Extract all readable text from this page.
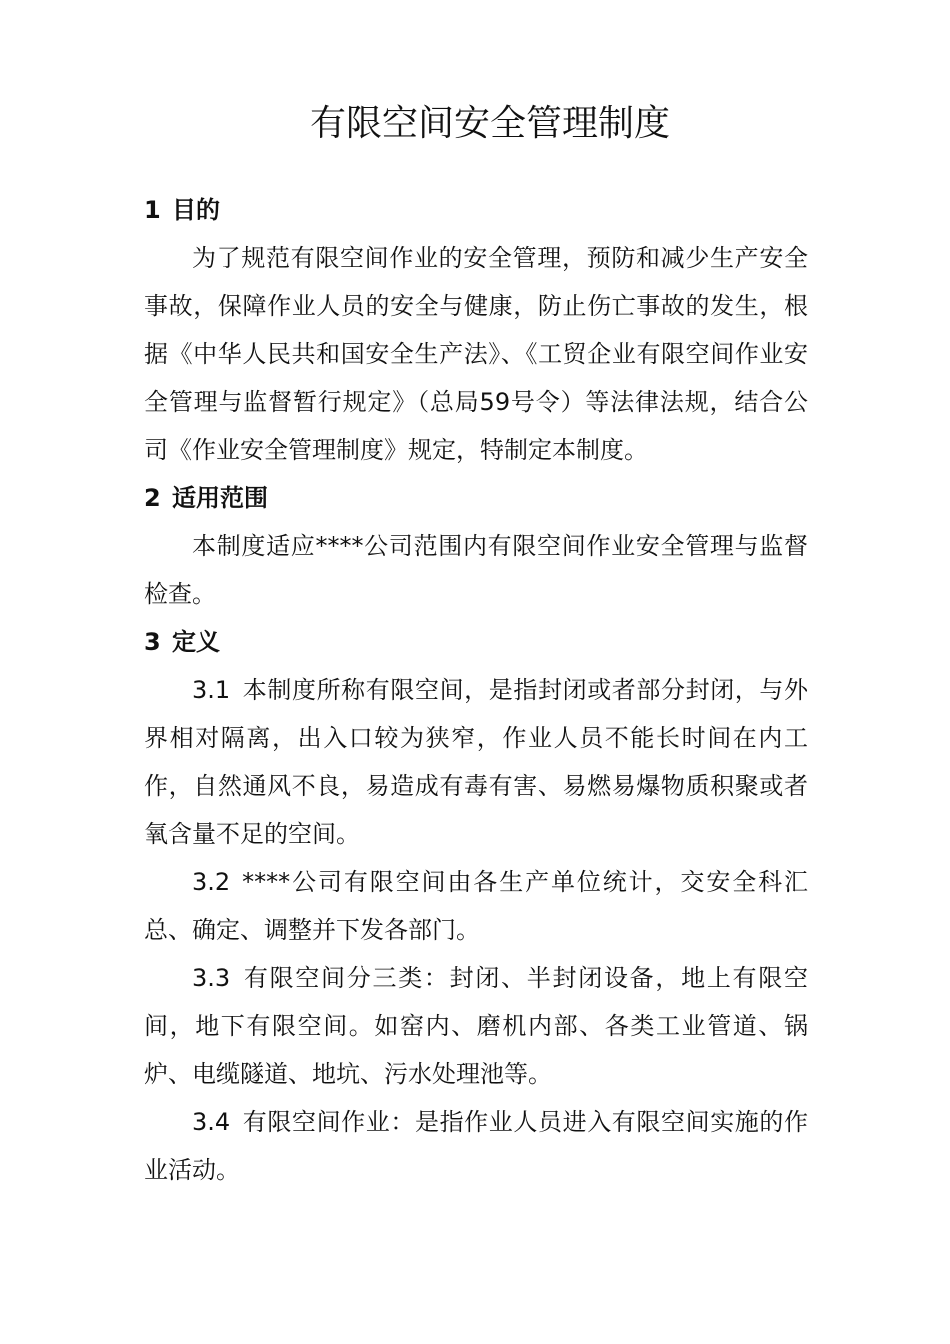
有限空间安全管理制度
1 目的

为了规范有限空间作业的安全管理，预防和减少生产安全事故，保障作业人员的安全与健康，防止伤亡事故的发生，根据《中华人民共和国安全生产法》、《工贸企业有限空间作业安全管理与监督暂行规定》（总局59号令）等法律法规，结合公司《作业安全管理制度》规定，特制定本制度。

2 适用范围

本制度适应****公司范围内有限空间作业安全管理与监督检查。

3 定义

3.1 本制度所称有限空间，是指封闭或者部分封闭，与外界相对隔离，出入口较为狭窄，作业人员不能长时间在内工作，自然通风不良，易造成有毒有害、易燃易爆物质积聚或者氧含量不足的空间。

3.2 ****公司有限空间由各生产单位统计，交安全科汇总、确定、调整并下发各部门。

3.3 有限空间分三类：封闭、半封闭设备，地上有限空间，地下有限空间。如窑内、磨机内部、各类工业管道、锅炉、电缆隧道、地坑、污水处理池等。

3.4 有限空间作业：是指作业人员进入有限空间实施的作业活动。
